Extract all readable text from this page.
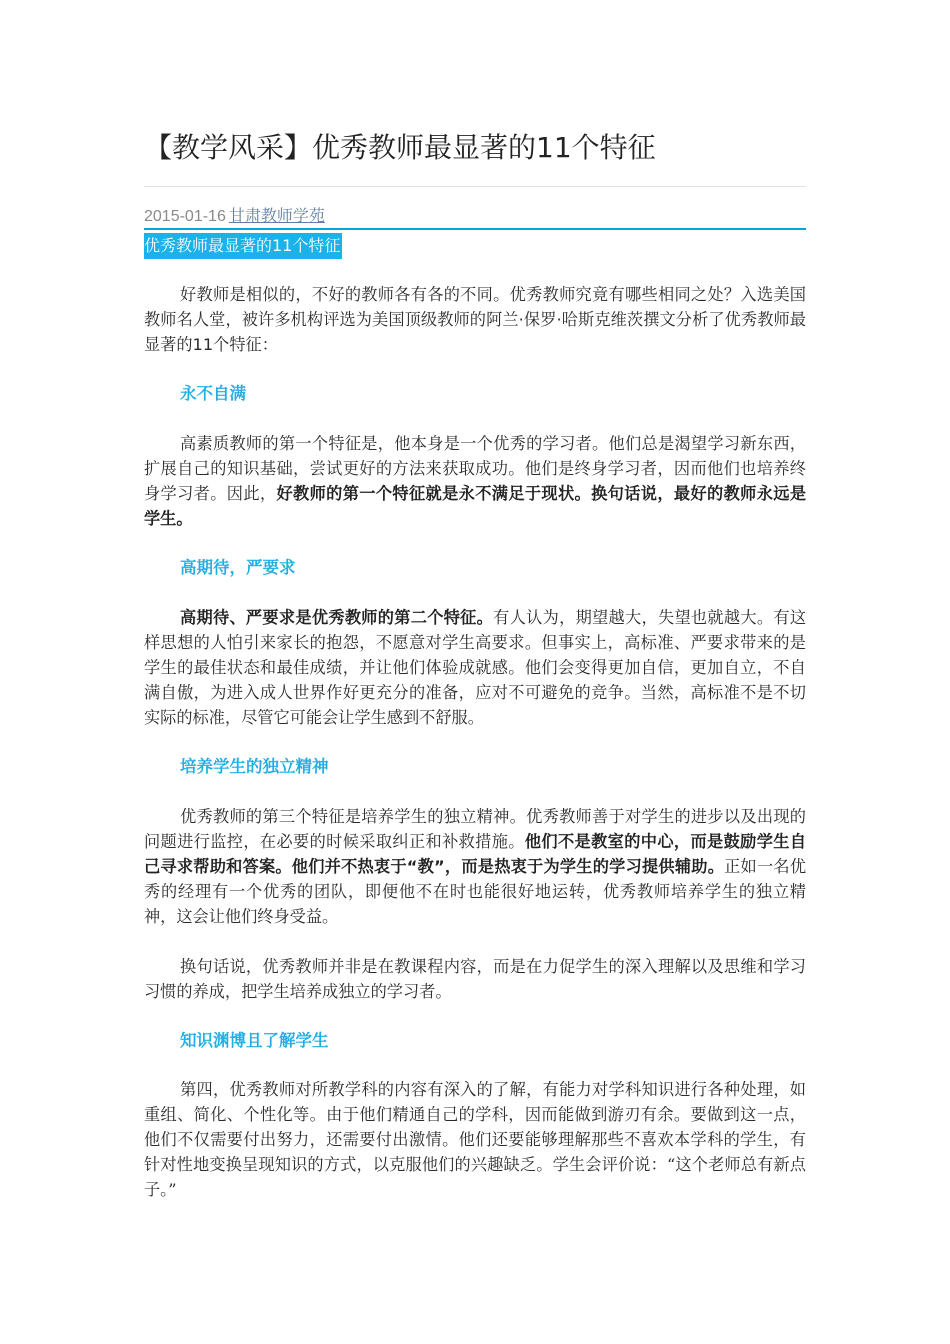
【教学风采】优秀教师最显著的11个特征
2015-01-16 甘肃教师学苑
优秀教师最显著的11个特征

好教师是相似的，不好的教师各有各的不同。优秀教师究竟有哪些相同之处？入选美国教师名人堂，被许多机构评选为美国顶级教师的阿兰·保罗·哈斯克维茨撰文分析了优秀教师最显著的11个特征：

永不自满

高素质教师的第一个特征是，他本身是一个优秀的学习者。他们总是渴望学习新东西，扩展自己的知识基础，尝试更好的方法来获取成功。他们是终身学习者，因而他们也培养终身学习者。因此，好教师的第一个特征就是永不满足于现状。换句话说，最好的教师永远是学生。

高期待，严要求

高期待、严要求是优秀教师的第二个特征。有人认为，期望越大，失望也就越大。有这样思想的人怕引来家长的抱怨，不愿意对学生高要求。但事实上，高标准、严要求带来的是学生的最佳状态和最佳成绩，并让他们体验成就感。他们会变得更加自信，更加自立，不自满自傲，为进入成人世界作好更充分的准备，应对不可避免的竞争。当然，高标准不是不切实际的标准，尽管它可能会让学生感到不舒服。

培养学生的独立精神

优秀教师的第三个特征是培养学生的独立精神。优秀教师善于对学生的进步以及出现的问题进行监控，在必要的时候采取纠正和补救措施。他们不是教室的中心，而是鼓励学生自己寻求帮助和答案。他们并不热衷于“教”，而是热衷于为学生的学习提供辅助。正如一名优秀的经理有一个优秀的团队，即便他不在时也能很好地运转，优秀教师培养学生的独立精神，这会让他们终身受益。

换句话说，优秀教师并非是在教课程内容，而是在力促学生的深入理解以及思维和学习习惯的养成，把学生培养成独立的学习者。

知识渊博且了解学生

第四，优秀教师对所教学科的内容有深入的了解，有能力对学科知识进行各种处理，如重组、简化、个性化等。由于他们精通自己的学科，因而能做到游刃有余。要做到这一点，他们不仅需要付出努力，还需要付出激情。他们还要能够理解那些不喜欢本学科的学生，有针对性地变换呈现知识的方式，以克服他们的兴趣缺乏。学生会评价说：“这个老师总有新点子。”
